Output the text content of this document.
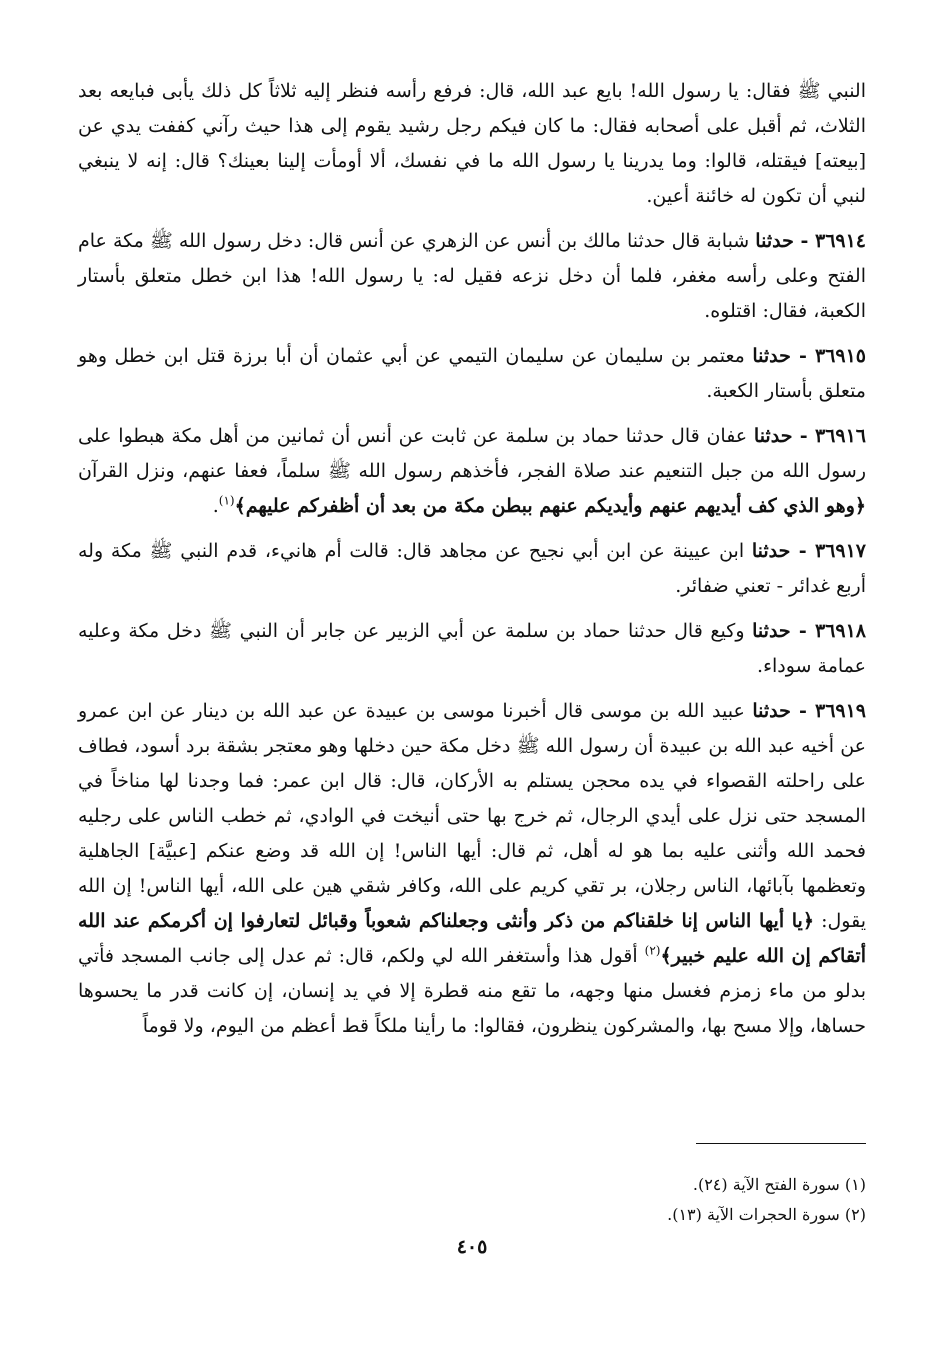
النبي ﷺ فقال: يا رسول الله! بايع عبد الله، قال: فرفع رأسه فنظر إليه ثلاثاً كل ذلك يأبى فبايعه بعد الثلاث، ثم أقبل على أصحابه فقال: ما كان فيكم رجل رشيد يقوم إلى هذا حيث رآني كففت يدي عن [بيعته] فيقتله، قالوا: وما يدرينا يا رسول الله ما في نفسك، ألا أومأت إلينا بعينك؟ قال: إنه لا ينبغي لنبي أن تكون له خائنة أعين.

٣٦٩١٤ - حدثنا شبابة قال حدثنا مالك بن أنس عن الزهري عن أنس قال: دخل رسول الله ﷺ مكة عام الفتح وعلى رأسه مغفر، فلما أن دخل نزعه فقيل له: يا رسول الله! هذا ابن خطل متعلق بأستار الكعبة، فقال: اقتلوه.

٣٦٩١٥ - حدثنا معتمر بن سليمان عن سليمان التيمي عن أبي عثمان أن أبا برزة قتل ابن خطل وهو متعلق بأستار الكعبة.

٣٦٩١٦ - حدثنا عفان قال حدثنا حماد بن سلمة عن ثابت عن أنس أن ثمانين من أهل مكة هبطوا على رسول الله من جبل التنعيم عند صلاة الفجر، فأخذهم رسول الله ﷺ سلماً، فعفا عنهم، ونزل القرآن ﴿وهو الذي كف أيديهم عنهم وأيديكم عنهم ببطن مكة من بعد أن أظفركم عليهم﴾$^{(١)}$.

٣٦٩١٧ - حدثنا ابن عيينة عن ابن أبي نجيح عن مجاهد قال: قالت أم هانيء، قدم النبي ﷺ مكة وله أربع غدائر - تعني ضفائر.

٣٦٩١٨ - حدثنا وكيع قال حدثنا حماد بن سلمة عن أبي الزبير عن جابر أن النبي ﷺ دخل مكة وعليه عمامة سوداء.

٣٦٩١٩ - حدثنا عبيد الله بن موسى قال أخبرنا موسى بن عبيدة عن عبد الله بن دينار عن ابن عمرو عن أخيه عبد الله بن عبيدة أن رسول الله ﷺ دخل مكة حين دخلها وهو معتجر بشقة برد أسود، فطاف على راحلته القصواء في يده محجن يستلم به الأركان، قال: قال ابن عمر: فما وجدنا لها مناخاً في المسجد حتى نزل على أيدي الرجال، ثم خرج بها حتى أنيخت في الوادي، ثم خطب الناس على رجليه فحمد الله وأثنى عليه بما هو له أهل، ثم قال: أيها الناس! إن الله قد وضع عنكم [عبيَّة] الجاهلية وتعظمها بآبائها، الناس رجلان، بر تقي كريم على الله، وكافر شقي هين على الله، أيها الناس! إن الله يقول: ﴿يا أيها الناس إنا خلقناكم من ذكر وأنثى وجعلناكم شعوباً وقبائل لتعارفوا إن أكرمكم عند الله أتقاكم إن الله عليم خبير﴾$^{(٢)}$ أقول هذا وأستغفر الله لي ولكم، قال: ثم عدل إلى جانب المسجد فأتي بدلو من ماء زمزم فغسل منها وجهه، ما تقع منه قطرة إلا في يد إنسان، إن كانت قدر ما يحسوها حساها، وإلا مسح بها، والمشركون ينظرون، فقالوا: ما رأينا ملكاً قط أعظم من اليوم، ولا قوماً

(١) سورة الفتح الآية (٢٤).
(٢) سورة الحجرات الآية (١٣).
٤٠٥
